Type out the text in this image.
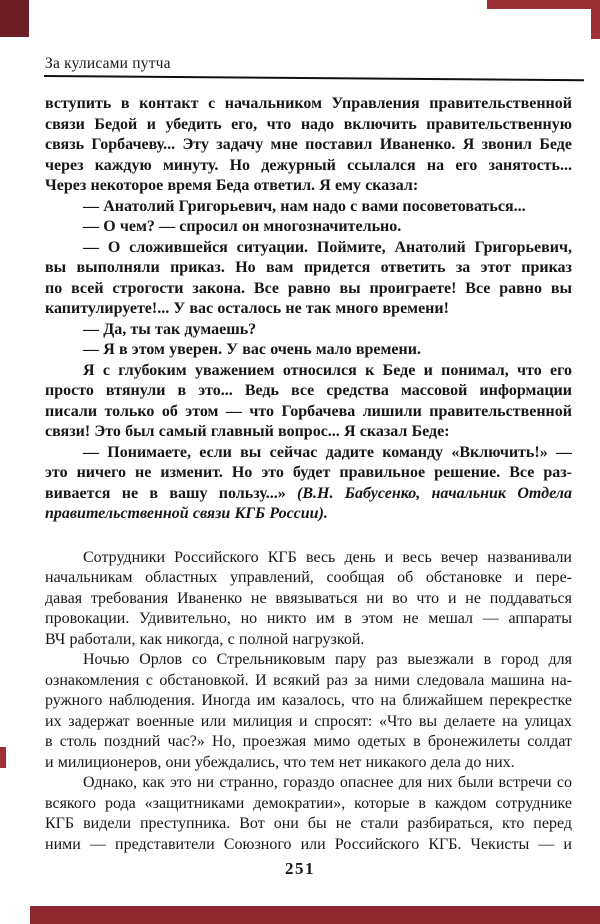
За кулисами путча
вступить в контакт с начальником Управления правительственной
связи Бедой и убедить его, что надо включить правительственную
связь Горбачеву... Эту задачу мне поставил Иваненко. Я звонил Беде
через каждую минуту. Но дежурный ссылался на его занятость...
Через некоторое время Беда ответил. Я ему сказал:
— Анатолий Григорьевич, нам надо с вами посоветоваться...
— О чем? — спросил он многозначительно.
— О сложившейся ситуации. Поймите, Анатолий Григорьевич,
вы выполняли приказ. Но вам придется ответить за этот приказ
по всей строгости закона. Все равно вы проиграете! Все равно вы
капитулируете!... У вас осталось не так много времени!
— Да, ты так думаешь?
— Я в этом уверен. У вас очень мало времени.
Я с глубоким уважением относился к Беде и понимал, что его
просто втянули в это... Ведь все средства массовой информации
писали только об этом — что Горбачева лишили правительственной
связи! Это был самый главный вопрос... Я сказал Беде:
— Понимаете, если вы сейчас дадите команду «Включить!» —
это ничего не изменит. Но это будет правильное решение. Все раз-
вивается не в вашу пользу...» (В.Н. Бабусенко, начальник Отдела
правительственной связи КГБ России).
Сотрудники Российского КГБ весь день и весь вечер названивали
начальникам областных управлений, сообщая об обстановке и пере-
давая требования Иваненко не ввязываться ни во что и не поддаваться
провокации. Удивительно, но никто им в этом не мешал — аппараты
ВЧ работали, как никогда, с полной нагрузкой.
Ночью Орлов со Стрельниковым пару раз выезжали в город для
ознакомления с обстановкой. И всякий раз за ними следовала машина на-
ружного наблюдения. Иногда им казалось, что на ближайшем перекрестке
их задержат военные или милиция и спросят: «Что вы делаете на улицах
в столь поздний час?» Но, проезжая мимо одетых в бронежилеты солдат
и милиционеров, они убеждались, что тем нет никакого дела до них.
Однако, как это ни странно, гораздо опаснее для них были встречи со
всякого рода «защитниками демократии», которые в каждом сотруднике
КГБ видели преступника. Вот они бы не стали разбираться, кто перед
ними — представители Союзного или Российского КГБ. Чекисты — и
251
